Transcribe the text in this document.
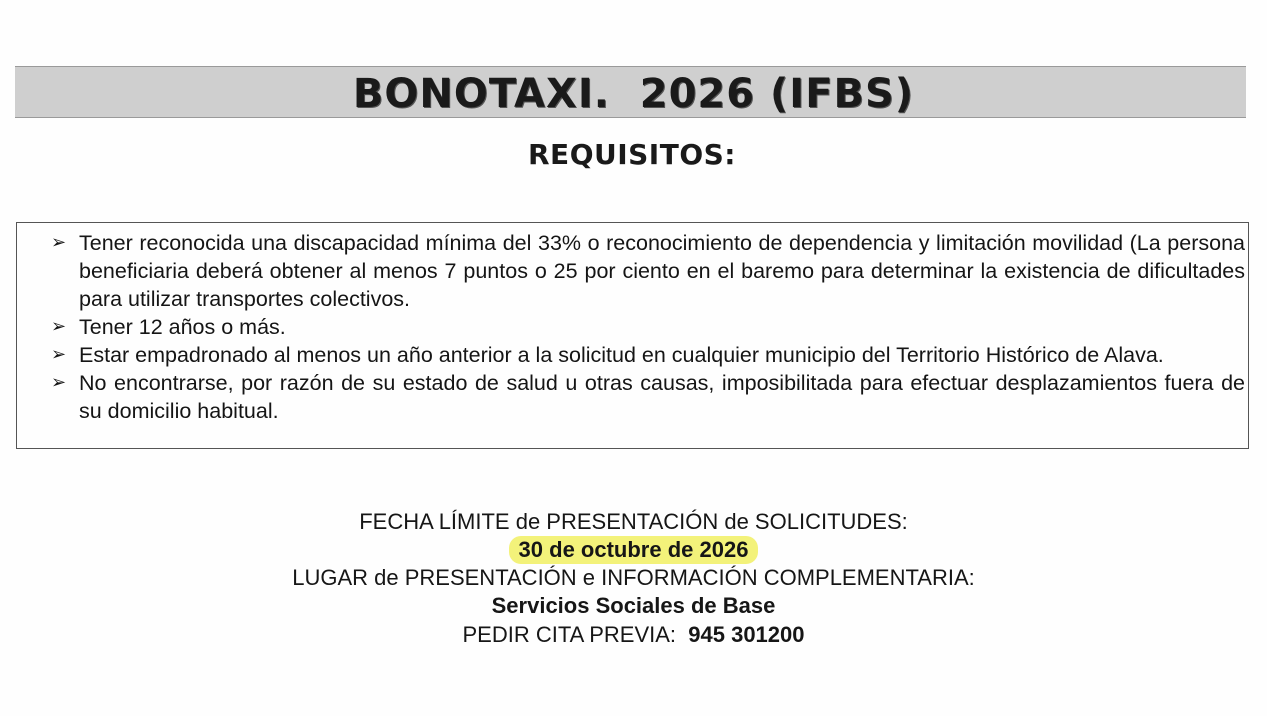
BONOTAXI.  2026 (IFBS)
REQUISITOS:
➢ Tener reconocida una discapacidad mínima del 33% o reconocimiento de dependencia y limitación movilidad (La persona beneficiaria deberá obtener al menos 7 puntos o 25 por ciento en el baremo para determinar la existencia de dificultades para utilizar transportes colectivos.
➢ Tener 12 años o más.
➢ Estar empadronado al menos un año anterior a la solicitud en cualquier municipio del Territorio Histórico de Alava.
➢ No encontrarse, por razón de su estado de salud u otras causas, imposibilitada para efectuar desplazamientos fuera de su domicilio habitual.
FECHA LÍMITE de PRESENTACIÓN de SOLICITUDES:
30 de octubre de 2026
LUGAR de PRESENTACIÓN e INFORMACIÓN COMPLEMENTARIA:
Servicios Sociales de Base
PEDIR CITA PREVIA: 945 301200
